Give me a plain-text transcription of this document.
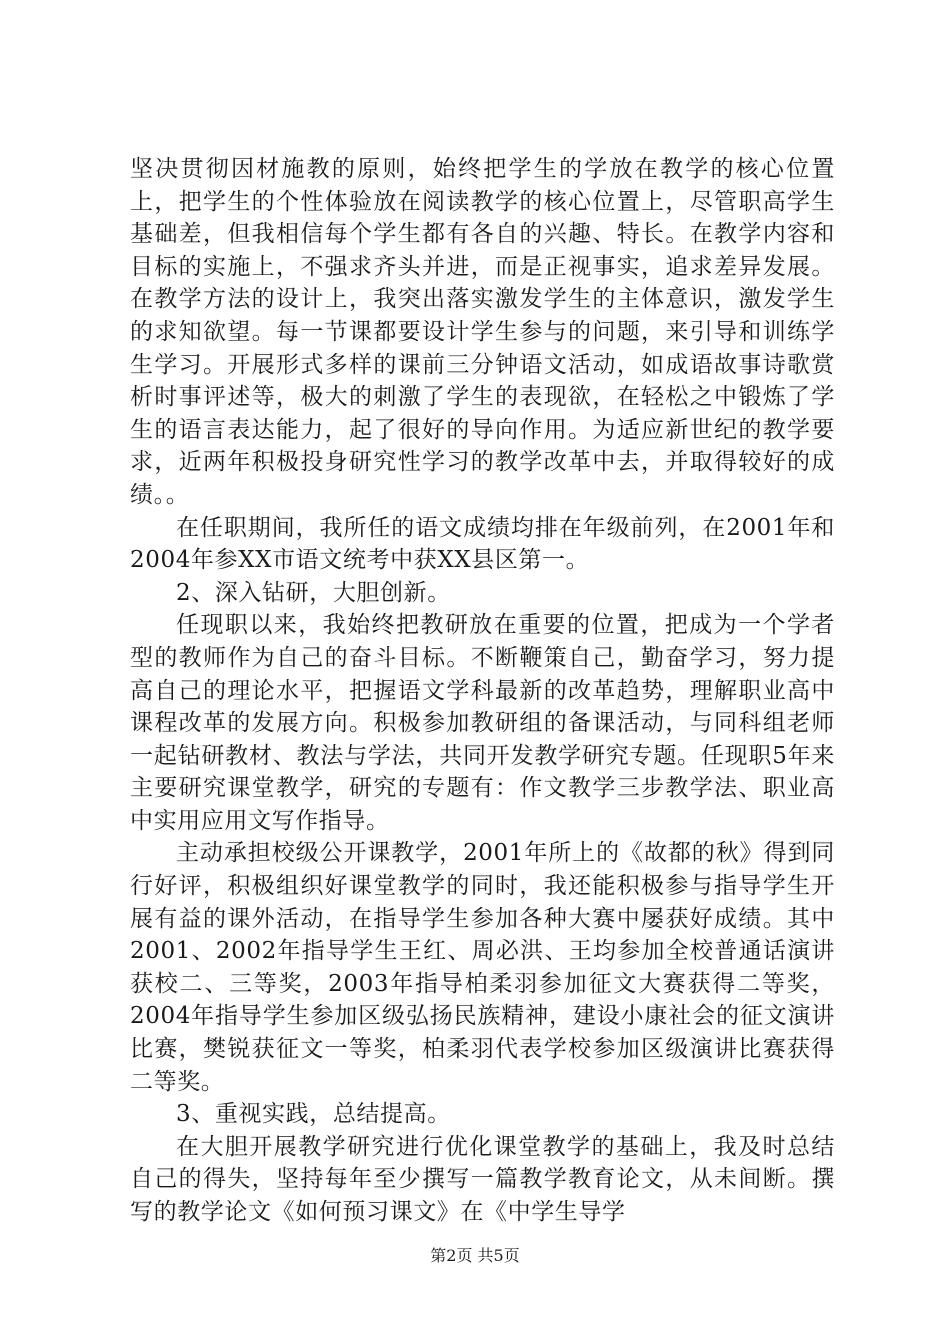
坚决贯彻因材施教的原则，始终把学生的学放在教学的核心位置上，把学生的个性体验放在阅读教学的核心位置上，尽管职高学生基础差，但我相信每个学生都有各自的兴趣、特长。在教学内容和目标的实施上，不强求齐头并进，而是正视事实，追求差异发展。在教学方法的设计上，我突出落实激发学生的主体意识，激发学生的求知欲望。每一节课都要设计学生参与的问题，来引导和训练学生学习。开展形式多样的课前三分钟语文活动，如成语故事诗歌赏析时事评述等，极大的刺激了学生的表现欲，在轻松之中锻炼了学生的语言表达能力，起了很好的导向作用。为适应新世纪的教学要求，近两年积极投身研究性学习的教学改革中去，并取得较好的成绩。。

在任职期间，我所任的语文成绩均排在年级前列，在2001年和2004年参XX市语文统考中获XX县区第一。

2、深入钻研，大胆创新。

任现职以来，我始终把教研放在重要的位置，把成为一个学者型的教师作为自己的奋斗目标。不断鞭策自己，勤奋学习，努力提高自己的理论水平，把握语文学科最新的改革趋势，理解职业高中课程改革的发展方向。积极参加教研组的备课活动，与同科组老师一起钻研教材、教法与学法，共同开发教学研究专题。任现职5年来主要研究课堂教学，研究的专题有：作文教学三步教学法、职业高中实用应用文写作指导。

主动承担校级公开课教学，2001年所上的《故都的秋》得到同行好评，积极组织好课堂教学的同时，我还能积极参与指导学生开展有益的课外活动，在指导学生参加各种大赛中屡获好成绩。其中2001、2002年指导学生王红、周必洪、王均参加全校普通话演讲获校二、三等奖，2003年指导柏柔羽参加征文大赛获得二等奖，2004年指导学生参加区级弘扬民族精神，建设小康社会的征文演讲比赛，樊锐获征文一等奖，柏柔羽代表学校参加区级演讲比赛获得二等奖。

3、重视实践，总结提高。

在大胆开展教学研究进行优化课堂教学的基础上，我及时总结自己的得失，坚持每年至少撰写一篇教学教育论文，从未间断。撰写的教学论文《如何预习课文》在《中学生导学

第2页 共5页
